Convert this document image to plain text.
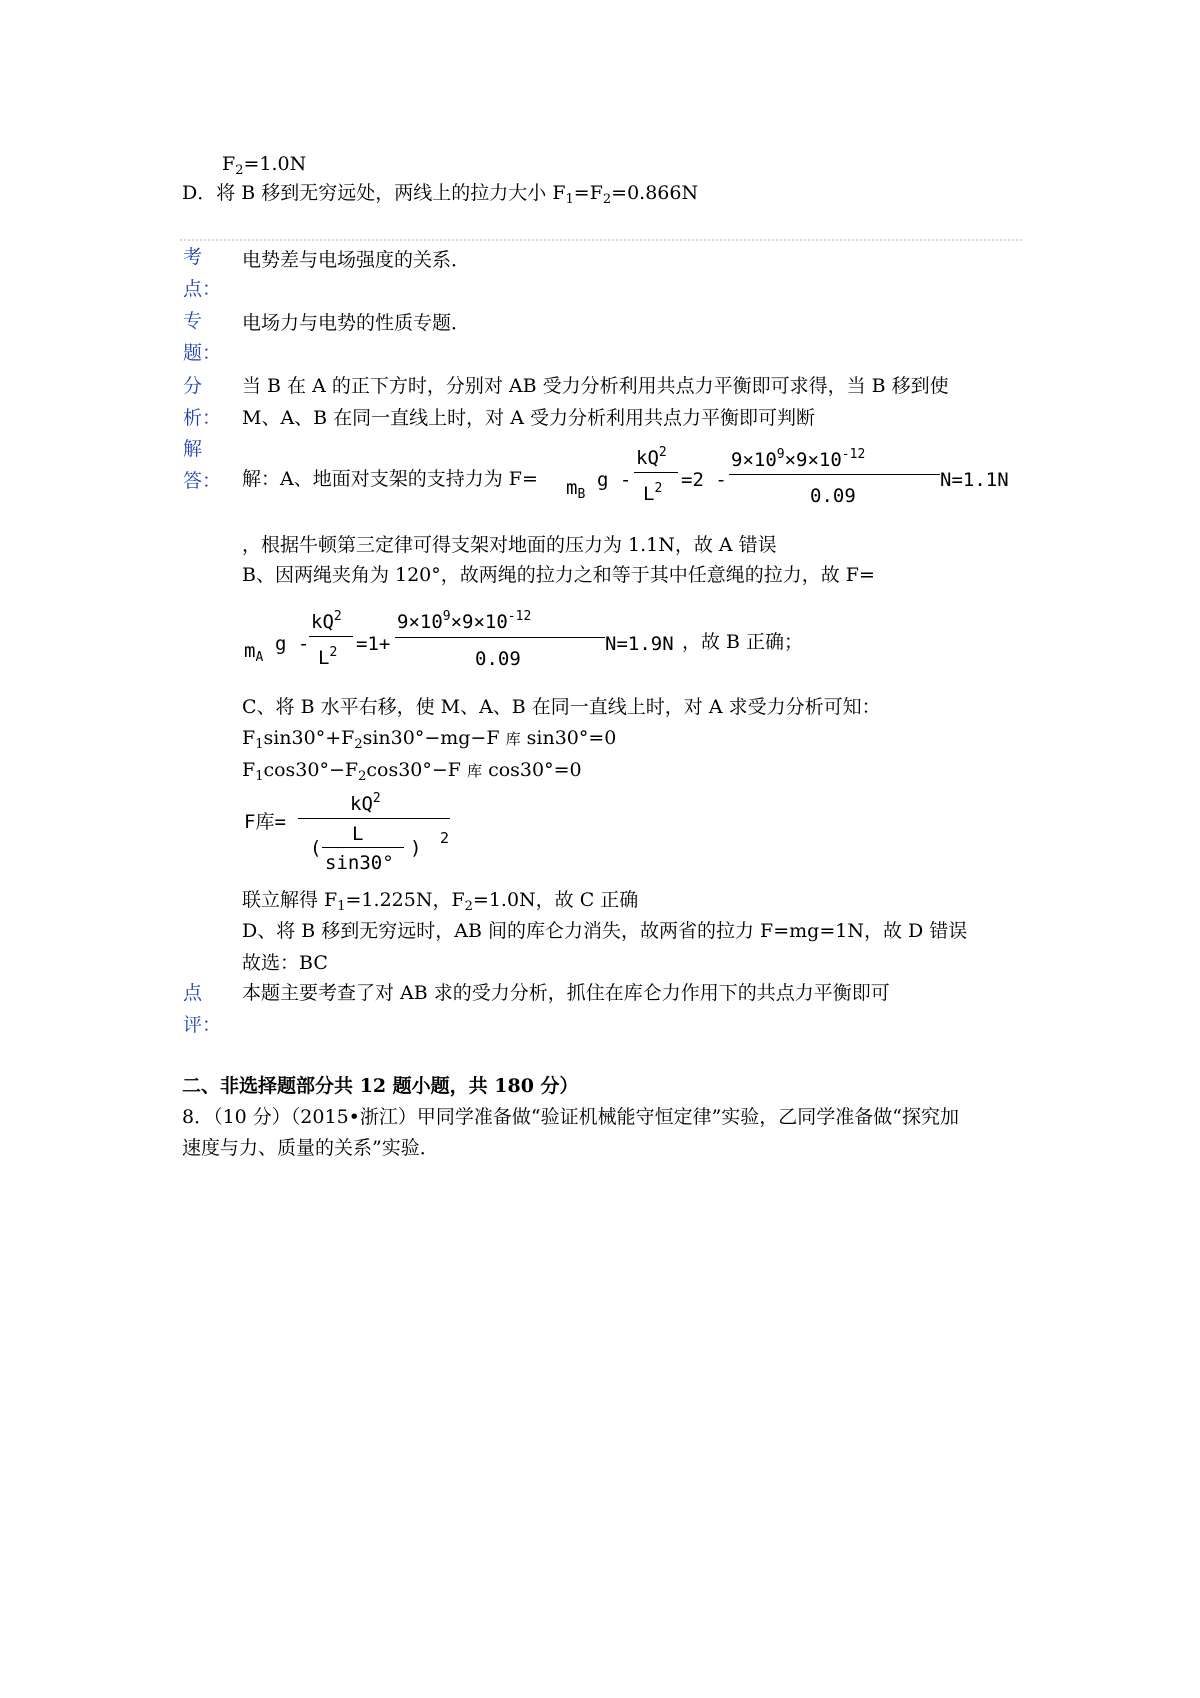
$F_2=1.0N$
D．将 B 移到无穷远处，两线上的拉力大小 $F_1=F_2=0.866N$
考
点：
电势差与电场强度的关系．
专
题：
电场力与电势的性质专题．
分
析：
当 B 在 A 的正下方时，分别对 AB 受力分析利用共点力平衡即可求得，当 B 移到使
M、A、B 在同一直线上时，对 A 受力分析利用共点力平衡即可判断
解
答： 解：A、地面对支架的支持力为 $F= m_B$
g -
$kQ^2$
$L^2 =2$ -
$9\times 10^9\times 9\times 10^{-12}$
0.09
N=1.1N
，根据牛顿第三定律可得支架对地面的压力为 1.1N，故 A 错误
B、因两绳夹角为 120°，故两绳的拉力之和等于其中任意绳的拉力，故 F=
$m_A$
g -
$kQ^2$
$L^2 =1+$
$9\times 10^9\times 9\times 10^{-12}$
0.09
N=1.9N ，故 B 正确；
C、将 B 水平右移，使 M、A、B 在同一直线上时，对 A 求受力分析可知：
$F_1\sin 30^\circ+F_2\sin 30^\circ-mg-F$ 库 sin30°=0
$F_1\cos 30^\circ-F_2\cos 30^\circ-F$ 库 cos30°=0
F库=
$kQ^2$
(
L
sin30°
) 2
联立解得 $F_1=1.225N$，$F_2=1.0N$，故 C 正确
D、将 B 移到无穷远时，AB 间的库仑力消失，故两省的拉力 F=mg=1N，故 D 错误
故选：BC
点
评：
本题主要考查了对 AB 求的受力分析，抓住在库仑力作用下的共点力平衡即可
二、非选择题部分共 12 题小题，共 180 分）
8．（10 分）（2015•浙江）甲同学准备做“验证机械能守恒定律”实验，乙同学准备做“探究加
速度与力、质量的关系”实验．
